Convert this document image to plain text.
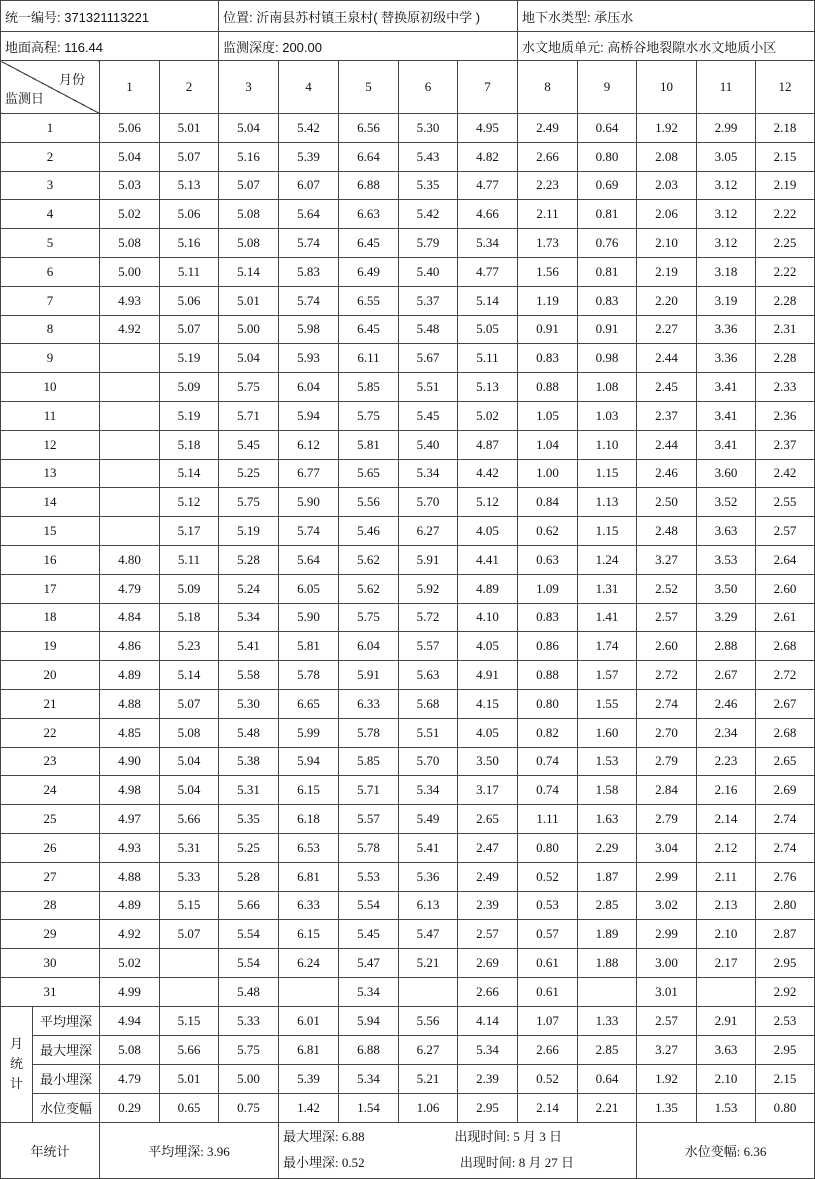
统一编号: 371321113221				位置: 沂南县苏村镇王泉村( 替换原初级中学 )					地下水类型: 承压水				
地面高程: 116.44				监测深度: 200.00					水文地质单元: 高桥谷地裂隙水水文地质小区				

月份
监测日		1	2	3	4	5	6	7	8	9	10	11	12
1		5.06	5.01	5.04	5.42	6.56	5.30	4.95	2.49	0.64	1.92	2.99	2.18
2		5.04	5.07	5.16	5.39	6.64	5.43	4.82	2.66	0.80	2.08	3.05	2.15
3		5.03	5.13	5.07	6.07	6.88	5.35	4.77	2.23	0.69	2.03	3.12	2.19
4		5.02	5.06	5.08	5.64	6.63	5.42	4.66	2.11	0.81	2.06	3.12	2.22
5		5.08	5.16	5.08	5.74	6.45	5.79	5.34	1.73	0.76	2.10	3.12	2.25
6		5.00	5.11	5.14	5.83	6.49	5.40	4.77	1.56	0.81	2.19	3.18	2.22
7		4.93	5.06	5.01	5.74	6.55	5.37	5.14	1.19	0.83	2.20	3.19	2.28
8		4.92	5.07	5.00	5.98	6.45	5.48	5.05	0.91	0.91	2.27	3.36	2.31
9			5.19	5.04	5.93	6.11	5.67	5.11	0.83	0.98	2.44	3.36	2.28
10			5.09	5.75	6.04	5.85	5.51	5.13	0.88	1.08	2.45	3.41	2.33
11			5.19	5.71	5.94	5.75	5.45	5.02	1.05	1.03	2.37	3.41	2.36
12			5.18	5.45	6.12	5.81	5.40	4.87	1.04	1.10	2.44	3.41	2.37
13			5.14	5.25	6.77	5.65	5.34	4.42	1.00	1.15	2.46	3.60	2.42
14			5.12	5.75	5.90	5.56	5.70	5.12	0.84	1.13	2.50	3.52	2.55
15			5.17	5.19	5.74	5.46	6.27	4.05	0.62	1.15	2.48	3.63	2.57
16		4.80	5.11	5.28	5.64	5.62	5.91	4.41	0.63	1.24	3.27	3.53	2.64
17		4.79	5.09	5.24	6.05	5.62	5.92	4.89	1.09	1.31	2.52	3.50	2.60
18		4.84	5.18	5.34	5.90	5.75	5.72	4.10	0.83	1.41	2.57	3.29	2.61
19		4.86	5.23	5.41	5.81	6.04	5.57	4.05	0.86	1.74	2.60	2.88	2.68
20		4.89	5.14	5.58	5.78	5.91	5.63	4.91	0.88	1.57	2.72	2.67	2.72
21		4.88	5.07	5.30	6.65	6.33	5.68	4.15	0.80	1.55	2.74	2.46	2.67
22		4.85	5.08	5.48	5.99	5.78	5.51	4.05	0.82	1.60	2.70	2.34	2.68
23		4.90	5.04	5.38	5.94	5.85	5.70	3.50	0.74	1.53	2.79	2.23	2.65
24		4.98	5.04	5.31	6.15	5.71	5.34	3.17	0.74	1.58	2.84	2.16	2.69
25		4.97	5.66	5.35	6.18	5.57	5.49	2.65	1.11	1.63	2.79	2.14	2.74
26		4.93	5.31	5.25	6.53	5.78	5.41	2.47	0.80	2.29	3.04	2.12	2.74
27		4.88	5.33	5.28	6.81	5.53	5.36	2.49	0.52	1.87	2.99	2.11	2.76
28		4.89	5.15	5.66	6.33	5.54	6.13	2.39	0.53	2.85	3.02	2.13	2.80
29		4.92	5.07	5.54	6.15	5.45	5.47	2.57	0.57	1.89	2.99	2.10	2.87
30		5.02		5.54	6.24	5.47	5.21	2.69	0.61	1.88	3.00	2.17	2.95
31		4.99		5.48		5.34		2.66	0.61		3.01		2.92

月
统
计	平均埋深	4.94	5.15	5.33	6.01	5.94	5.56	4.14	1.07	1.33	2.57	2.91	2.53
	最大埋深	5.08	5.66	5.75	6.81	6.88	6.27	5.34	2.66	2.85	3.27	3.63	2.95
	最小埋深	4.79	5.01	5.00	5.39	5.34	5.21	2.39	0.52	0.64	1.92	2.10	2.15
	水位变幅	0.29	0.65	0.75	1.42	1.54	1.06	2.95	2.14	2.21	1.35	1.53	0.80
年统计		平均埋深: 3.96			最大埋深: 6.88 出现时间: 5 月 3 日
最小埋深: 0.52 出现时间: 8 月 27 日						水位变幅: 6.36		
